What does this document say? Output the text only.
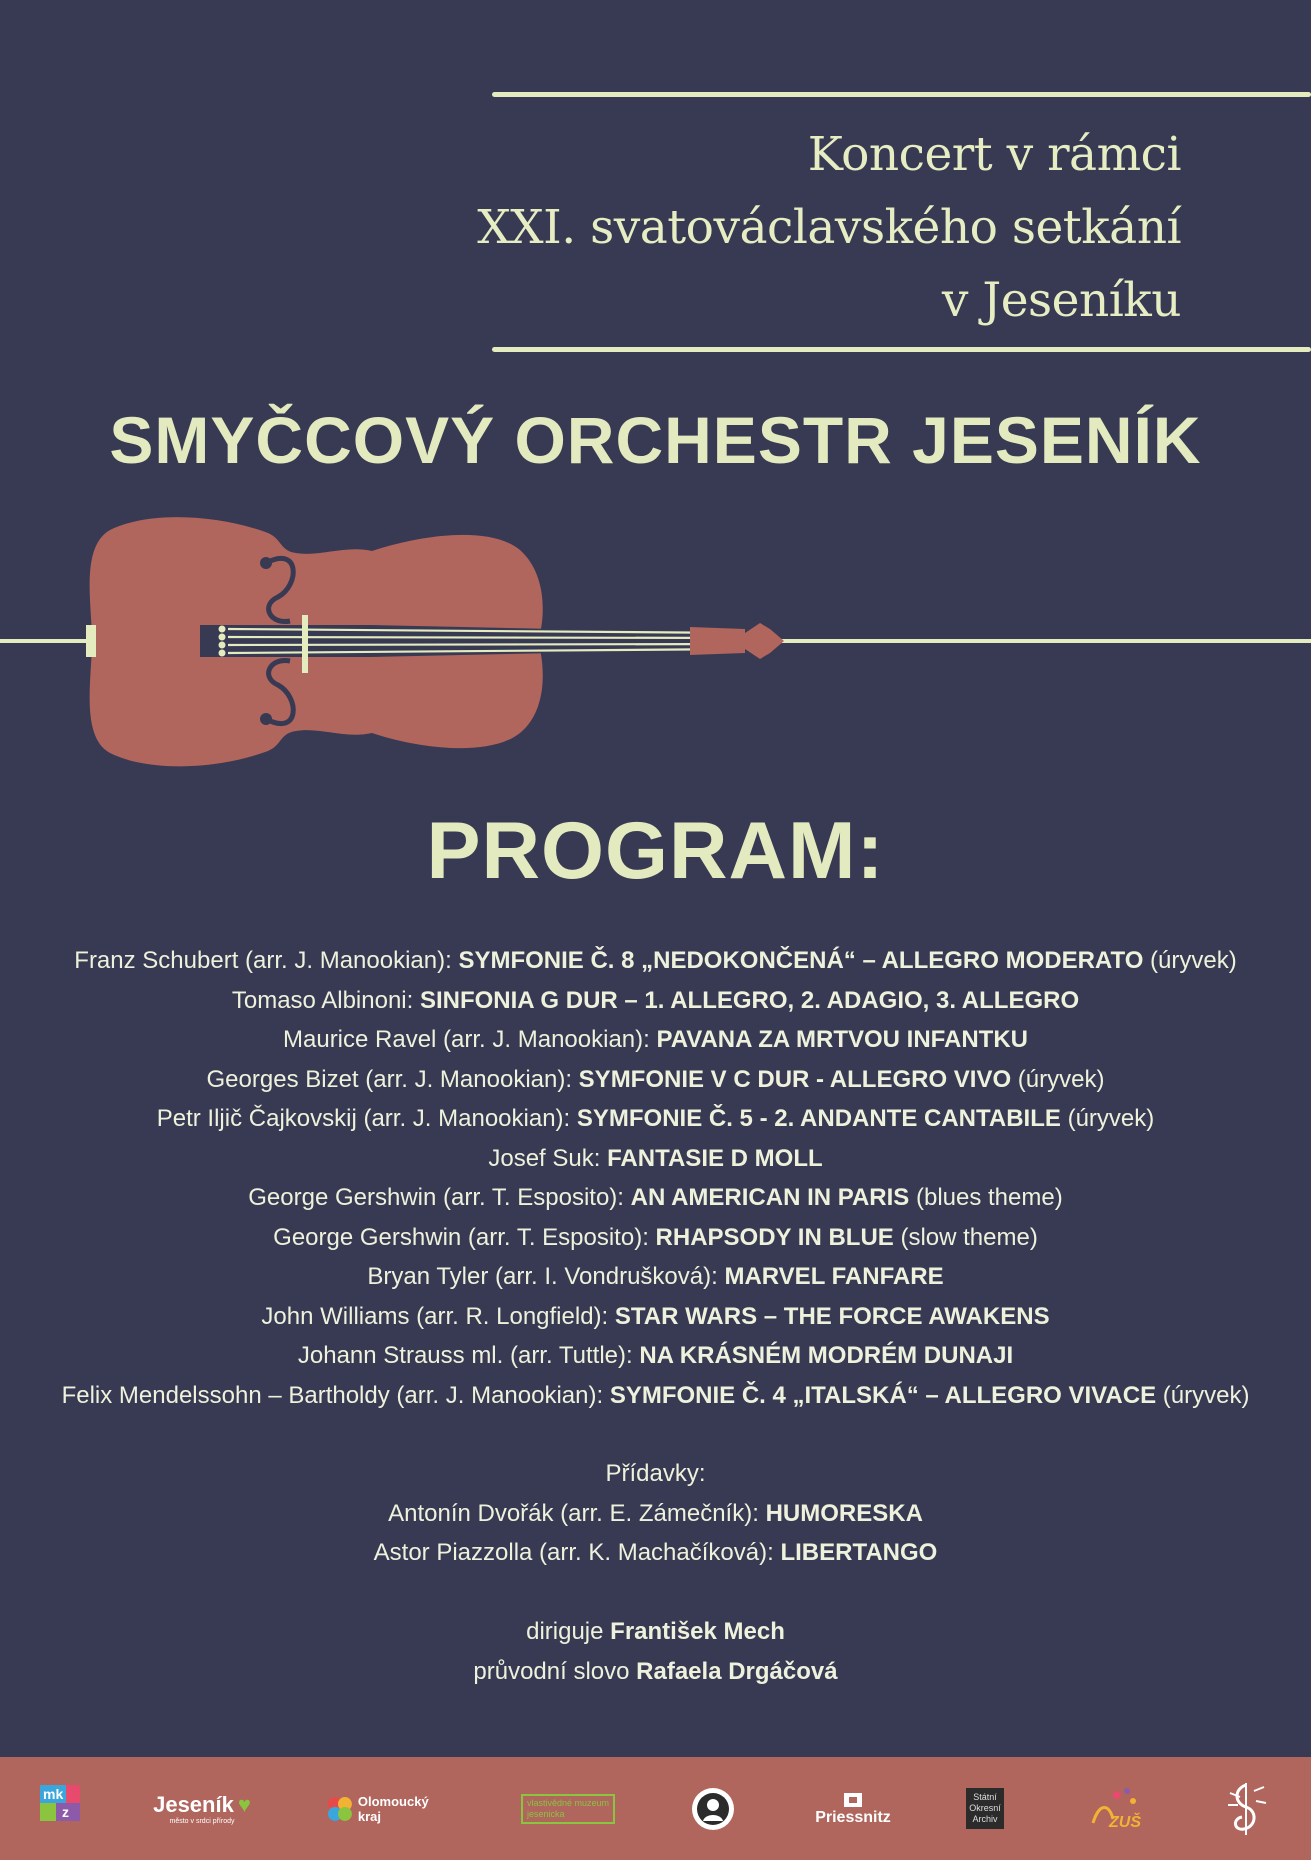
Koncert v rámci
XXI. svatováclavského setkání
v Jeseníku
SMYČCOVÝ ORCHESTR JESENÍK
PROGRAM:
Franz Schubert (arr. J. Manookian): SYMFONIE Č. 8 „NEDOKONČENÁ“ – ALLEGRO MODERATO (úryvek)
Tomaso Albinoni: SINFONIA G DUR – 1. ALLEGRO, 2. ADAGIO, 3. ALLEGRO
Maurice Ravel (arr. J. Manookian): PAVANA ZA MRTVOU INFANTKU
Georges Bizet (arr. J. Manookian): SYMFONIE V C DUR - ALLEGRO VIVO (úryvek)
Petr Iljič Čajkovskij (arr. J. Manookian): SYMFONIE Č. 5 - 2. ANDANTE CANTABILE (úryvek)
Josef Suk: FANTASIE D MOLL
George Gershwin (arr. T. Esposito): AN AMERICAN IN PARIS (blues theme)
George Gershwin (arr. T. Esposito): RHAPSODY IN BLUE (slow theme)
Bryan Tyler (arr. I. Vondrušková): MARVEL FANFARE
John Williams (arr. R. Longfield): STAR WARS – THE FORCE AWAKENS
Johann Strauss ml. (arr. Tuttle): NA KRÁSNÉM MODRÉM DUNAJI
Felix Mendelssohn – Bartholdy (arr. J. Manookian): SYMFONIE Č. 4 „ITALSKÁ“ – ALLEGRO VIVACE (úryvek)
Přídavky:
Antonín Dvořák (arr. E. Zámečník): HUMORESKA
Astor Piazzolla (arr. K. Machačíková): LIBERTANGO
diriguje František Mech
průvodní slovo Rafaela Drgáčová
mk
z	Jeseník ♥
město v srdci přírody
Olomoucký kraj
vlastivědné muzeum
jesenicka	Priessnitz
Státní
Okresní
Archiv	ZUŠ
